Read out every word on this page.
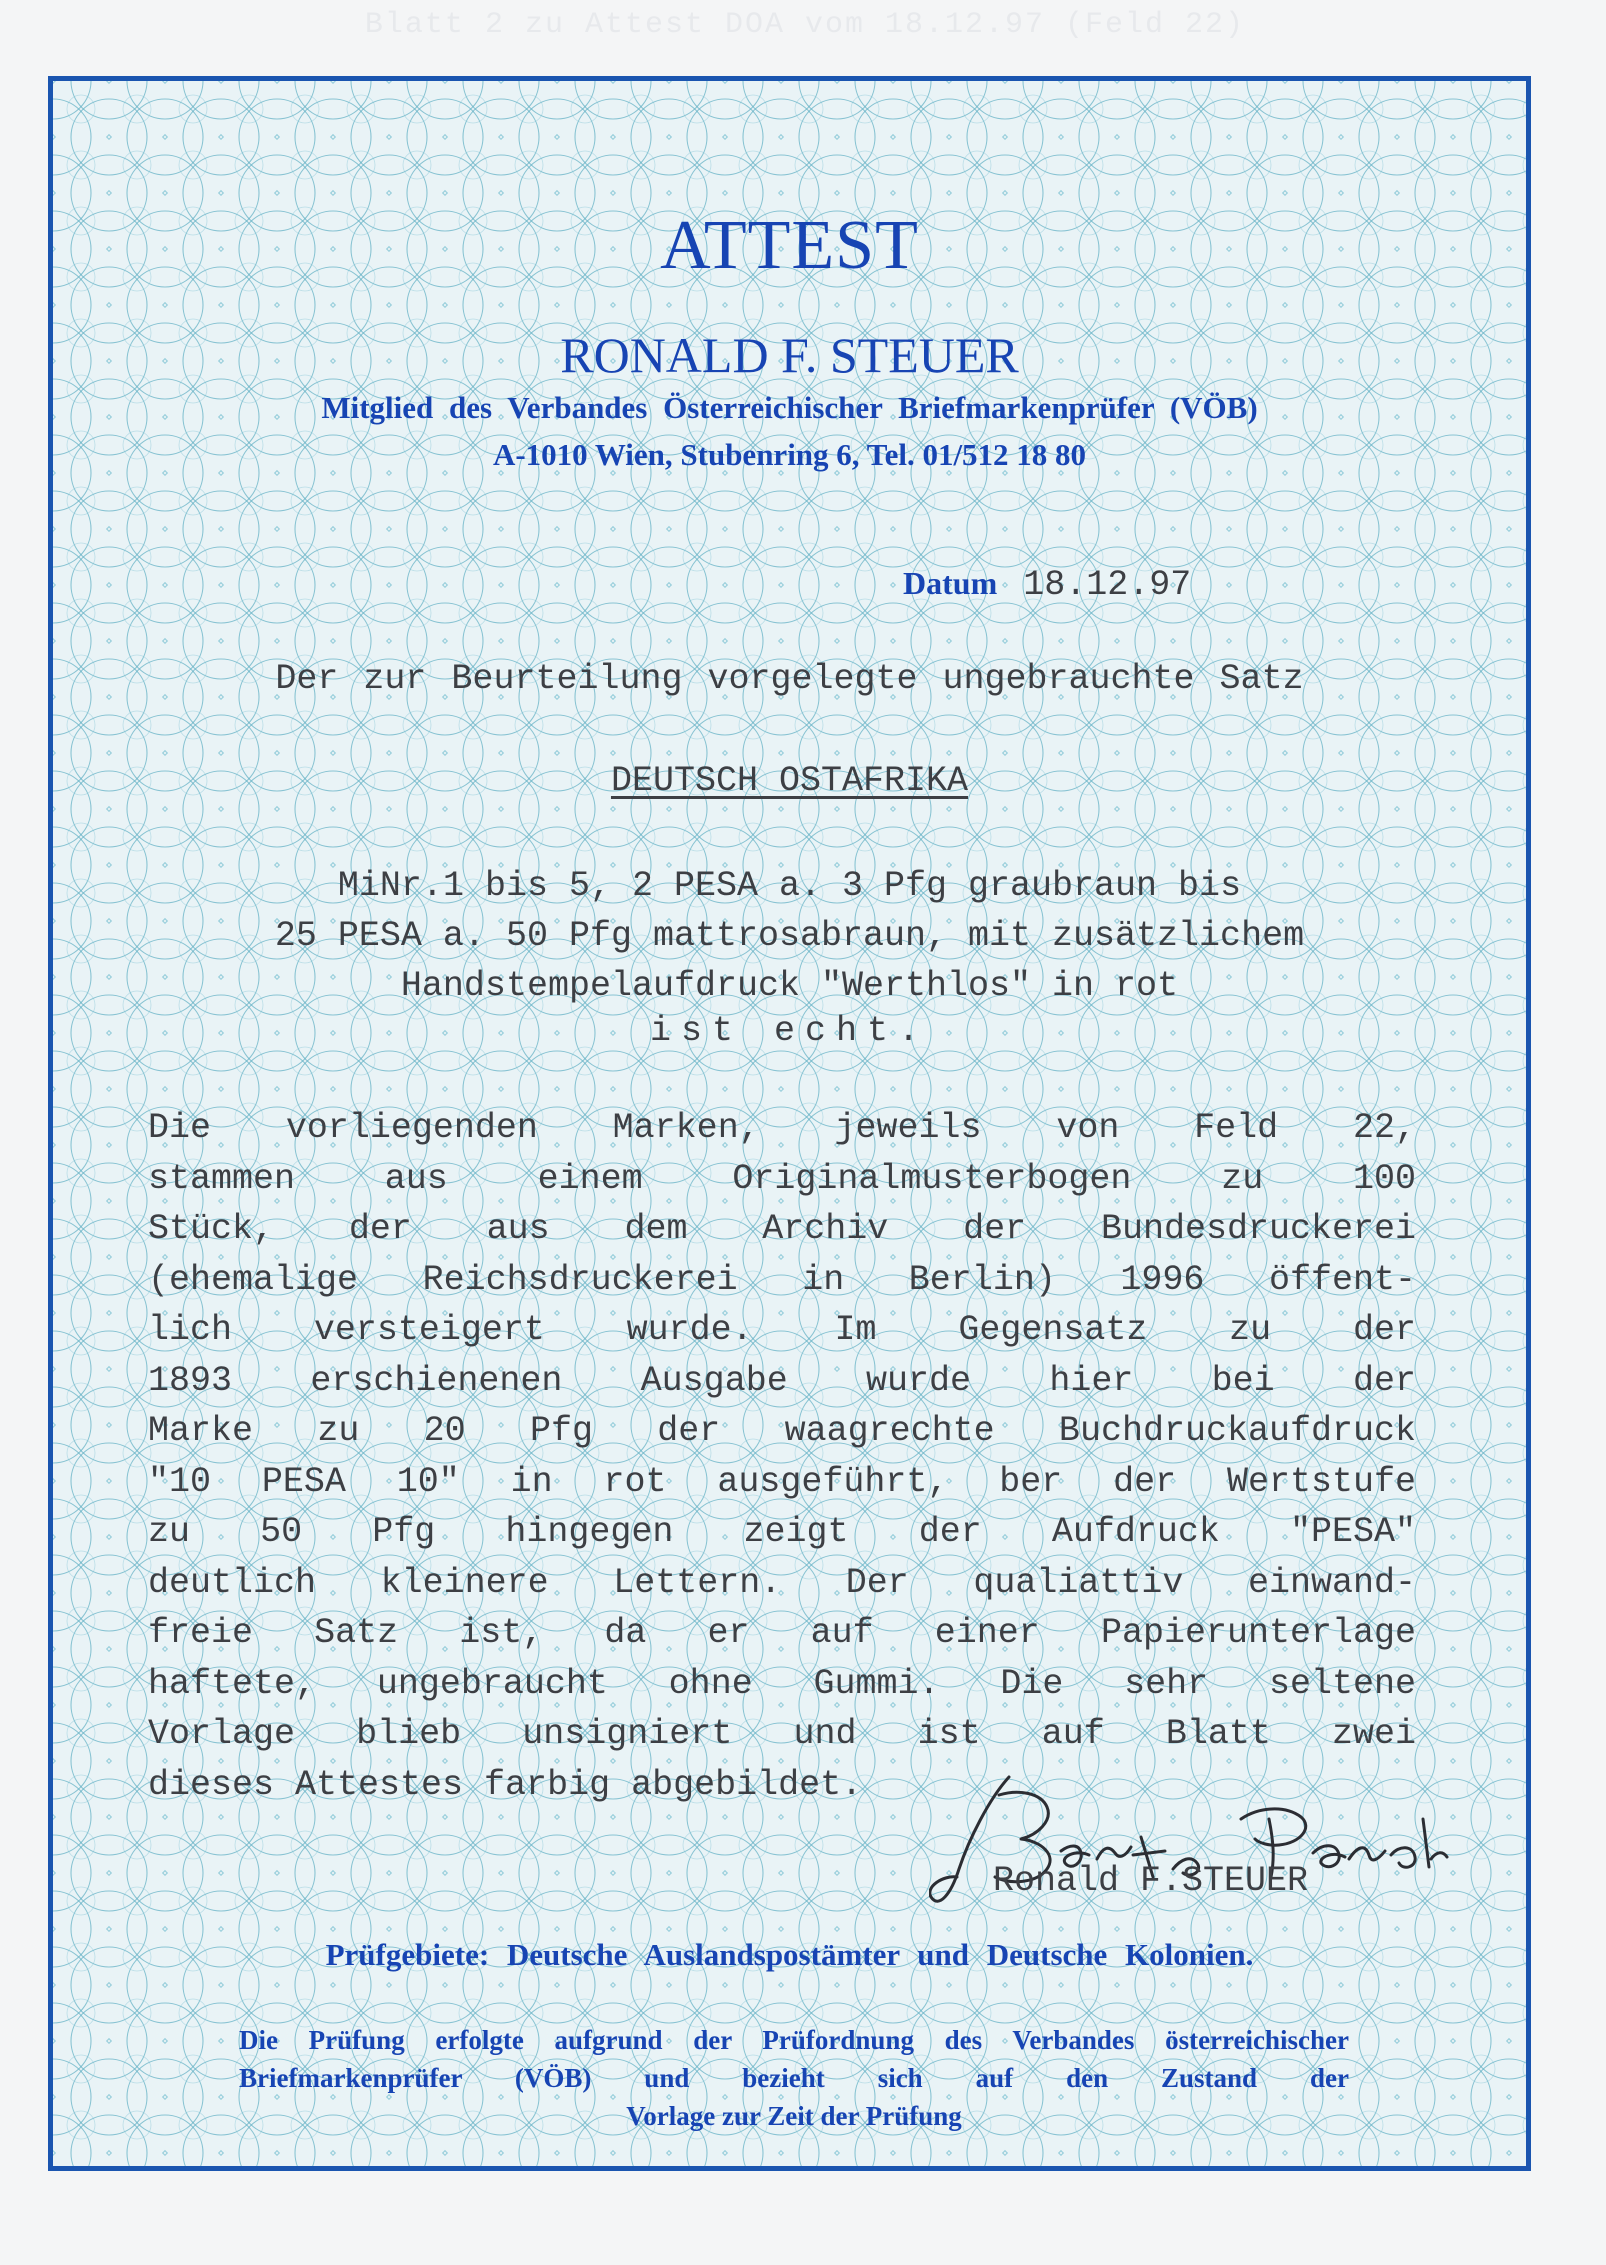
Blatt 2 zu Attest DOA vom 18.12.97 (Feld 22)
ATTEST
RONALD F. STEUER
Mitglied des Verbandes Österreichischer Briefmarkenprüfer (VÖB)
A-1010 Wien, Stubenring 6, Tel. 01/512 18 80
Datum 18.12.97
Der zur Beurteilung vorgelegte ungebrauchte Satz
DEUTSCH OSTAFRIKA
MiNr.1 bis 5, 2 PESA a. 3 Pfg graubraun bis
25 PESA a. 50 Pfg mattrosabraun, mit zusätzlichem
Handstempelaufdruck "Werthlos" in rot
ist echt.
Die vorliegenden Marken, jeweils von Feld 22,
stammen aus einem Originalmusterbogen zu 100
Stück, der aus dem Archiv der Bundesdruckerei
(ehemalige Reichsdruckerei in Berlin) 1996 öffent-
lich versteigert wurde. Im Gegensatz zu der
1893 erschienenen Ausgabe wurde hier bei der
Marke zu 20 Pfg der waagrechte Buchdruckaufdruck
"10 PESA 10" in rot ausgeführt, ber der Wertstufe
zu 50 Pfg hingegen zeigt der Aufdruck "PESA"
deutlich kleinere Lettern. Der qualiattiv einwand-
freie Satz ist, da er auf einer Papierunterlage
haftete, ungebraucht ohne Gummi. Die sehr seltene
Vorlage blieb unsigniert und ist auf Blatt zwei
dieses Attestes farbig abgebildet.
Ronald F.STEUER
Prüfgebiete: Deutsche Auslandspostämter und Deutsche Kolonien.
Die Prüfung erfolgte aufgrund der Prüfordnung des Verbandes österreichischer
Briefmarkenprüfer (VÖB) und bezieht sich auf den Zustand der
Vorlage zur Zeit der Prüfung
